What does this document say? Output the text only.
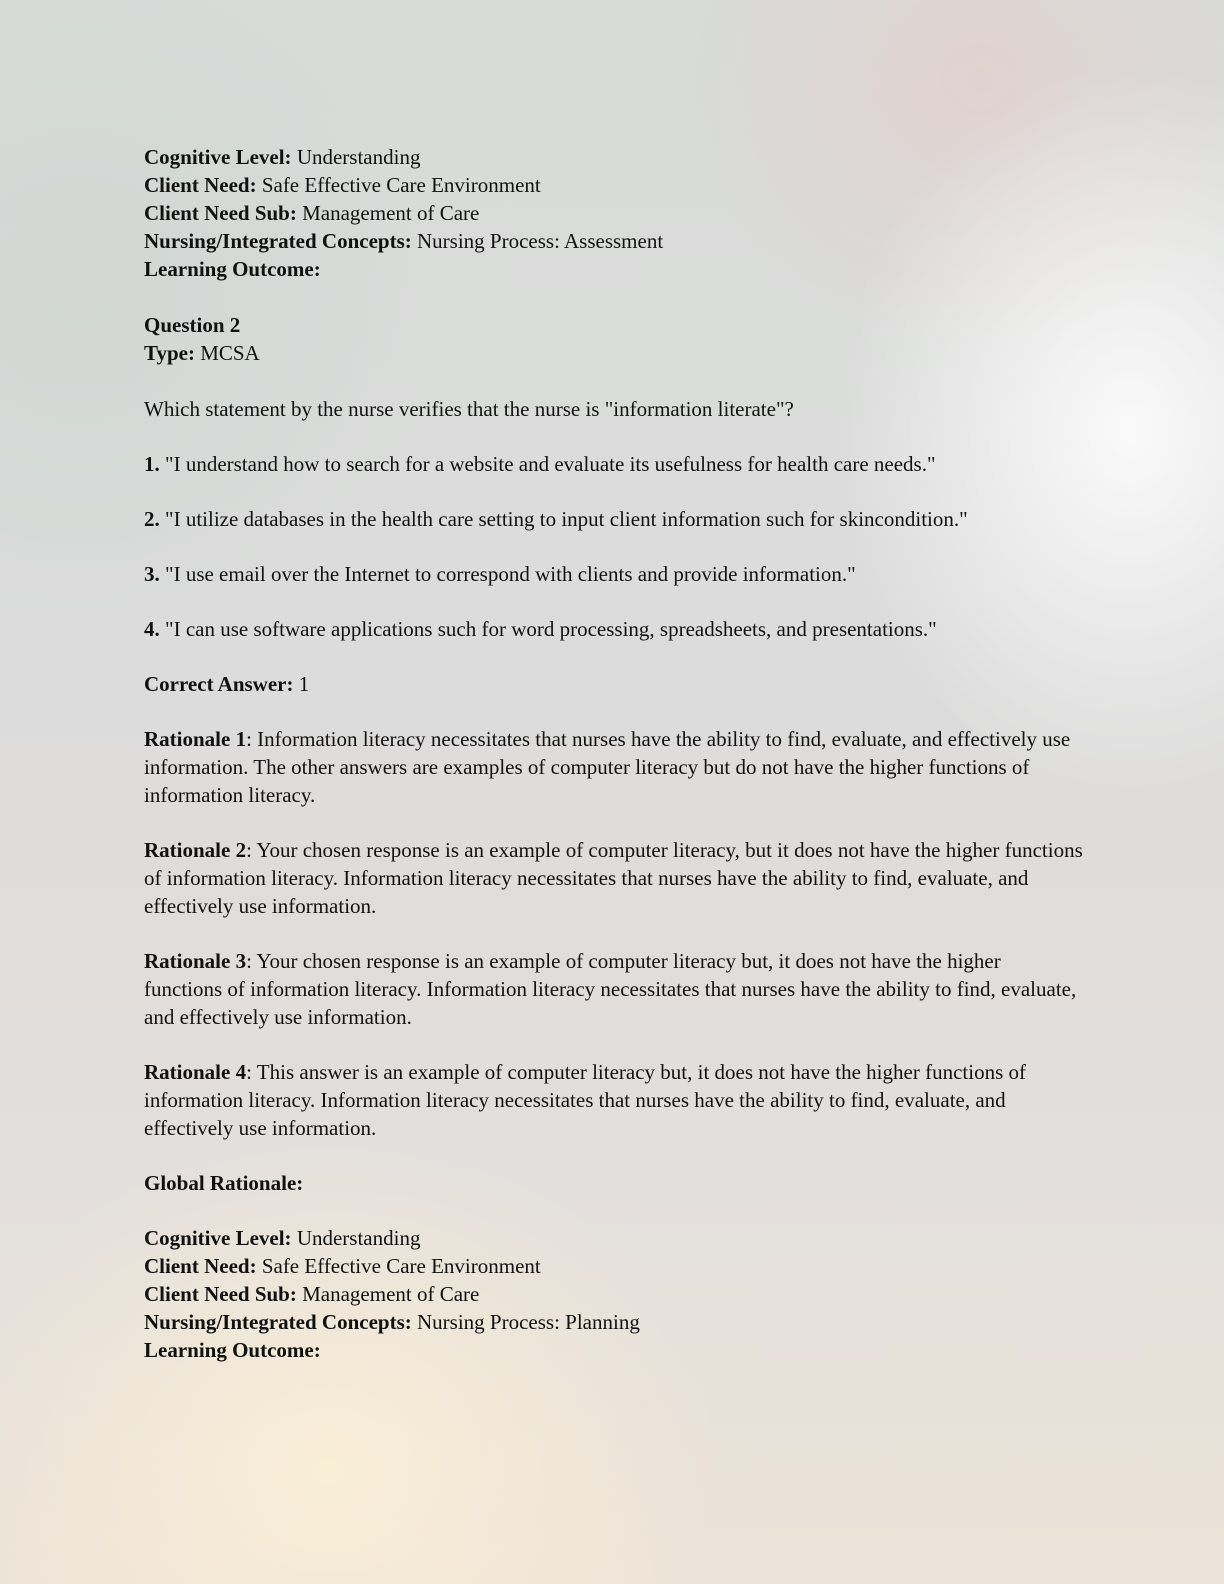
Cognitive Level: Understanding
Client Need: Safe Effective Care Environment
Client Need Sub: Management of Care
Nursing/Integrated Concepts: Nursing Process: Assessment
Learning Outcome:
Question 2
Type: MCSA

Which statement by the nurse verifies that the nurse is "information literate"?

1. "I understand how to search for a website and evaluate its usefulness for health care needs."

2. "I utilize databases in the health care setting to input client information such for skincondition."

3. "I use email over the Internet to correspond with clients and provide information."

4. "I can use software applications such for word processing, spreadsheets, and presentations."

Correct Answer: 1

Rationale 1: Information literacy necessitates that nurses have the ability to find, evaluate, and effectively use information. The other answers are examples of computer literacy but do not have the higher functions of information literacy.

Rationale 2: Your chosen response is an example of computer literacy, but it does not have the higher functions of information literacy. Information literacy necessitates that nurses have the ability to find, evaluate, and effectively use information.

Rationale 3: Your chosen response is an example of computer literacy but, it does not have the higher functions of information literacy. Information literacy necessitates that nurses have the ability to find, evaluate, and effectively use information.

Rationale 4: This answer is an example of computer literacy but, it does not have the higher functions of information literacy. Information literacy necessitates that nurses have the ability to find, evaluate, and effectively use information.

Global Rationale:

Cognitive Level: Understanding
Client Need: Safe Effective Care Environment
Client Need Sub: Management of Care
Nursing/Integrated Concepts: Nursing Process: Planning
Learning Outcome:
